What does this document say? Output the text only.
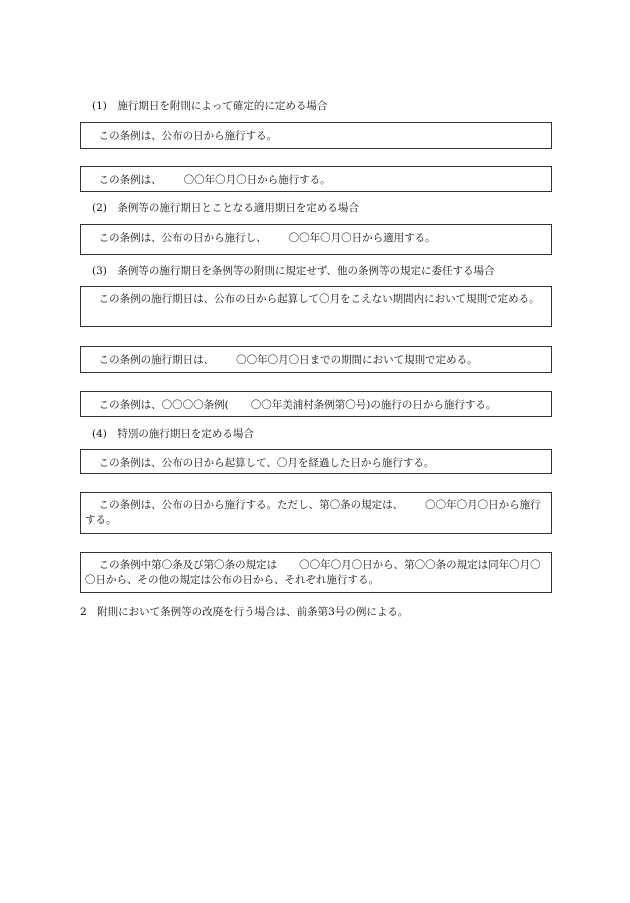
(1)　施行期日を附則によって確定的に定める場合
この条例は、公布の日から施行する。
この条例は、 〇〇年〇月〇日から施行する。
(2)　条例等の施行期日とことなる適用期日を定める場合
この条例は、公布の日から施行し、 〇〇年〇月〇日から適用する。
(3)　条例等の施行期日を条例等の附則に規定せず、他の条例等の規定に委任する場合
この条例の施行期日は、公布の日から起算して〇月をこえない期間内において規則で定める。
この条例の施行期日は、 〇〇年〇月〇日までの期間において規則で定める。
この条例は、〇〇〇〇条例( 〇〇年美浦村条例第〇号)の施行の日から施行する。
(4)　特別の施行期日を定める場合
この条例は、公布の日から起算して、〇月を経過した日から施行する。
この条例は、公布の日から施行する。ただし、第〇条の規定は、 〇〇年〇月〇日から施行する。
この条例中第〇条及び第〇条の規定は 〇〇年〇月〇日から、第〇〇条の規定は同年〇月〇〇日から、その他の規定は公布の日から、それぞれ施行する。
2　附則において条例等の改廃を行う場合は、前条第3号の例による。
